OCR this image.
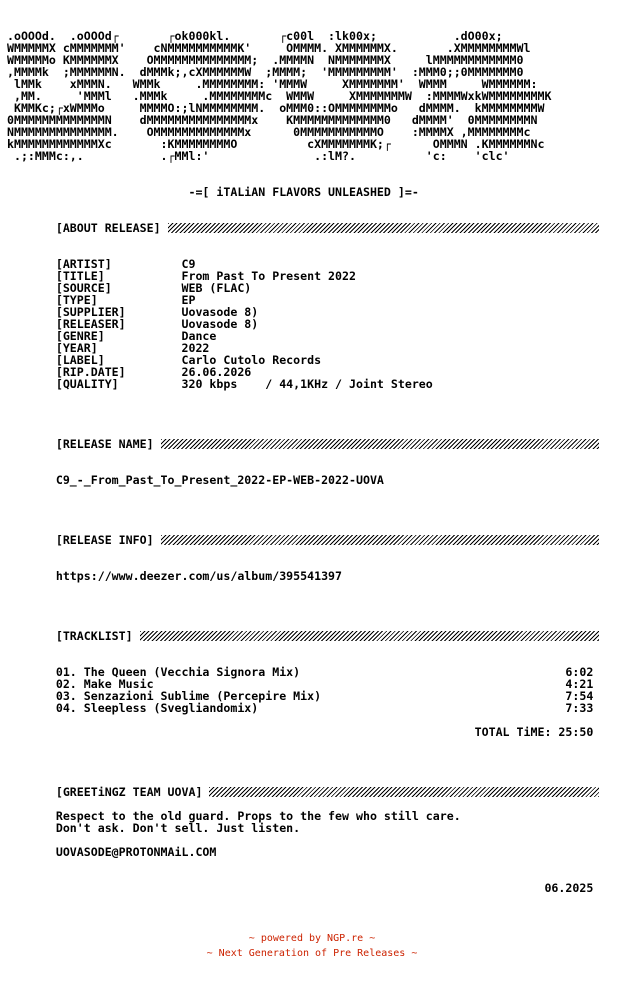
.oOOOd.  .oOOOd┌       ┌ok000kl.       ┌c00l  :lk00x;           .dO00x;
WMMMMMX cMMMMMMM'    cNMMMMMMMMMMK'     OMMMM. XMMMMMMX.       .XMMMMMMMMWl
WMMMMMo KMMMMMMX    OMMMMMMMMMMMMMM;  .MMMMN  NMMMMMMMX     lMMMMMMMMMMMM0
,MMMMk  ;MMMMMMN.  dMMMk;,cXMMMMMMW  ;MMMM;  'MMMMMMMMM'  :MMM0;;0MMMMMMM0
lMMk    xMMMN.   WMMk     .MMMMMMMM: 'MMMW     XMMMMMMM'  WMMM     WMMMMMM:
,MM.     'MMMl   .MMMk     .MMMMMMMMc  WMMW     XMMMMMMMW  :MMMMWxkWMMMMMMMMK
KMMKc;┌xWMMMo     MMMMO:;lNMMMMMMMM.  oMMM0::OMMMMMMMMo   dMMMM.  kMMMMMMMMW
0MMMMMMMMMMMMMN    dMMMMMMMMMMMMMMMx    KMMMMMMMMMMMMM0   dMMMM'  0MMMMMMMMN
NMMMMMMMMMMMMMM.    OMMMMMMMMMMMMMx      0MMMMMMMMMMMO    :MMMMX ,MMMMMMMMc
kMMMMMMMMMMMMXc       :KMMMMMMMMO          cXMMMMMMMK;┌      OMMMN .KMMMMMMNc
.;:MMMc:,.           .┌MMl:'               .:lM?.          'c:    'clc'
-=[ iTALiAN FLAVORS UNLEASHED ]=-
[ABOUT RELEASE]
[ARTIST]          C9
[TITLE]           From Past To Present 2022
[SOURCE]          WEB (FLAC)
[TYPE]            EP
[SUPPLIER]        Uovasode 8)
[RELEASER]        Uovasode 8)
[GENRE]           Dance
[YEAR]            2022
[LABEL]           Carlo Cutolo Records
[RIP.DATE]        26.06.2026
[QUALITY]         320 kbps    / 44,1KHz / Joint Stereo
[RELEASE NAME]
C9_-_From_Past_To_Present_2022-EP-WEB-2022-UOVA
[RELEASE INFO]
https://www.deezer.com/us/album/395541397
[TRACKLIST]
01. The Queen (Vecchia Signora Mix)                                      6:02
02. Make Music                                                           4:21
03. Senzazioni Sublime (Percepire Mix)                                   7:54
04. Sleepless (Svegliandomix)                                            7:33
TOTAL TiME: 25:50
[GREETiNGZ TEAM UOVA]
Respect to the old guard. Props to the few who still care.
Don't ask. Don't sell. Just listen.
UOVASODE@PROTONMAiL.COM
06.2025
~ powered by NGP.re ~
~ Next Generation of Pre Releases ~
